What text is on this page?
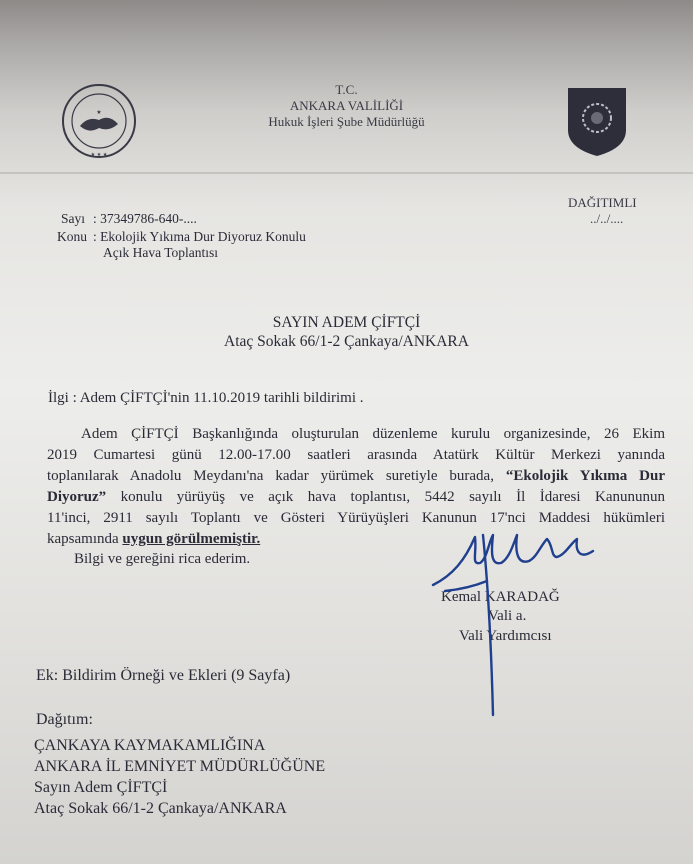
★
★ ★ ★
T.C.
ANKARA VALİLİĞİ
Hukuk İşleri Şube Müdürlüğü
DAĞITIMLI
../../....
Sayı : 37349786-640-....
Konu : Ekolojik Yıkıma Dur Diyoruz Konulu
Açık Hava Toplantısı
SAYIN ADEM ÇİFTÇİ
Ataç Sokak 66/1-2 Çankaya/ANKARA
İlgi : Adem ÇİFTÇİ'nin 11.10.2019 tarihli bildirimi .
Adem ÇİFTÇİ Başkanlığında oluşturulan düzenleme kurulu organizesinde, 26 Ekim
2019 Cumartesi günü 12.00-17.00 saatleri arasında Atatürk Kültür Merkezi yanında
toplanılarak Anadolu Meydanı'na kadar yürümek suretiyle burada, “Ekolojik Yıkıma Dur
Diyoruz” konulu yürüyüş ve açık hava toplantısı, 5442 sayılı İl İdaresi Kanununun
11'inci, 2911 sayılı Toplantı ve Gösteri Yürüyüşleri Kanunun 17'nci Maddesi hükümleri
kapsamında uygun görülmemiştir.
Bilgi ve gereğini rica ederim.
Kemal KARADAĞ
Vali a.
Vali Yardımcısı
Ek: Bildirim Örneği ve Ekleri (9 Sayfa)
Dağıtım:
ÇANKAYA KAYMAKAMLIĞINA
ANKARA İL EMNİYET MÜDÜRLÜĞÜNE
Sayın Adem ÇİFTÇİ
Ataç Sokak 66/1-2 Çankaya/ANKARA
